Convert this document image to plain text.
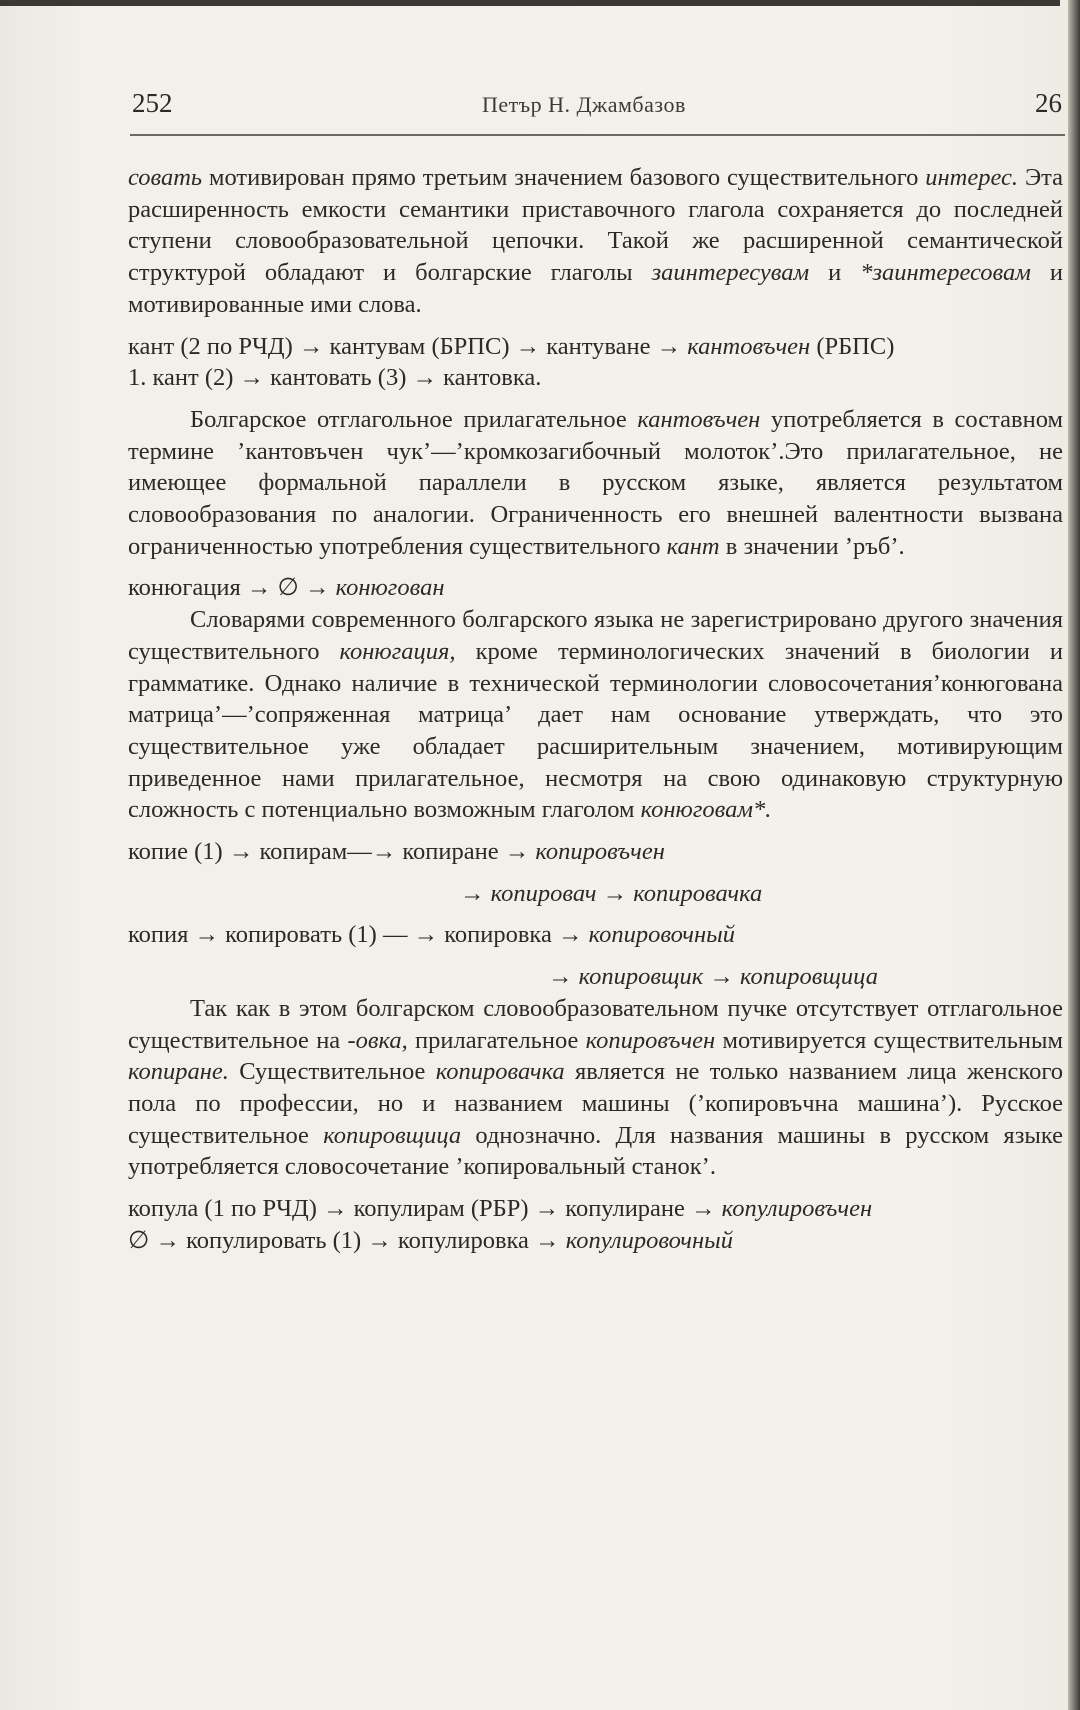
252	Петър Н. Джамбазов	26

совать мотивирован прямо третьим значением базового существительного интерес. Эта расширенность емкости семантики приставочного глагола сохраняется до последней ступени словообразовательной цепочки. Такой же расширенной семантической структурой обладают и болгарские глаголы заинтересувам и *заинтересовам и мотивированные ими слова.

кант (2 по РЧД) → кантувам (БРПС) → кантуване → кантовъчен (РБПС)

1. кант (2) → кантовать (3) → кантовка.

Болгарское отглагольное прилагательное кантовъчен употребляется в составном термине ’кантовъчен чук’—’кромкозагибочный молоток’.Это прилагательное, не имеющее формальной параллели в русском языке, является результатом словообразования по аналогии. Ограниченность его внешней валентности вызвана ограниченностью употребления существительного кант в значении ’ръб’.

конюгация → ∅ → конюгован

Словарями современного болгарского языка не зарегистрировано другого значения существительного конюгация, кроме терминологических значений в биологии и грамматике. Однако наличие в технической терминологии словосочетания’конюгована матрица’—’сопряженная матрица’ дает нам основание утверждать, что это существительное уже обладает расширительным значением, мотивирующим приведенное нами прилагательное, несмотря на свою одинаковую структурную сложность с потенциально возможным глаголом конюговам*.

копие (1) → копирам—→ копиране → копировъчен

→ копировач → копировачка

копия → копировать (1) — → копировка → копировочный

→ копировщик → копировщица

Так как в этом болгарском словообразовательном пучке отсутствует отглагольное существительное на -овка, прилагательное копировъчен мотивируется существительным копиране. Существительное копировачка является не только названием лица женского пола по профессии, но и названием машины (’копировъчна машина’). Русское существительное копировщица однозначно. Для названия машины в русском языке употребляется словосочетание ’копировальный станок’.

копула (1 по РЧД) → копулирам (РБР) → копулиране → копулировъчен

∅ → копулировать (1) → копулировка → копулировочный
